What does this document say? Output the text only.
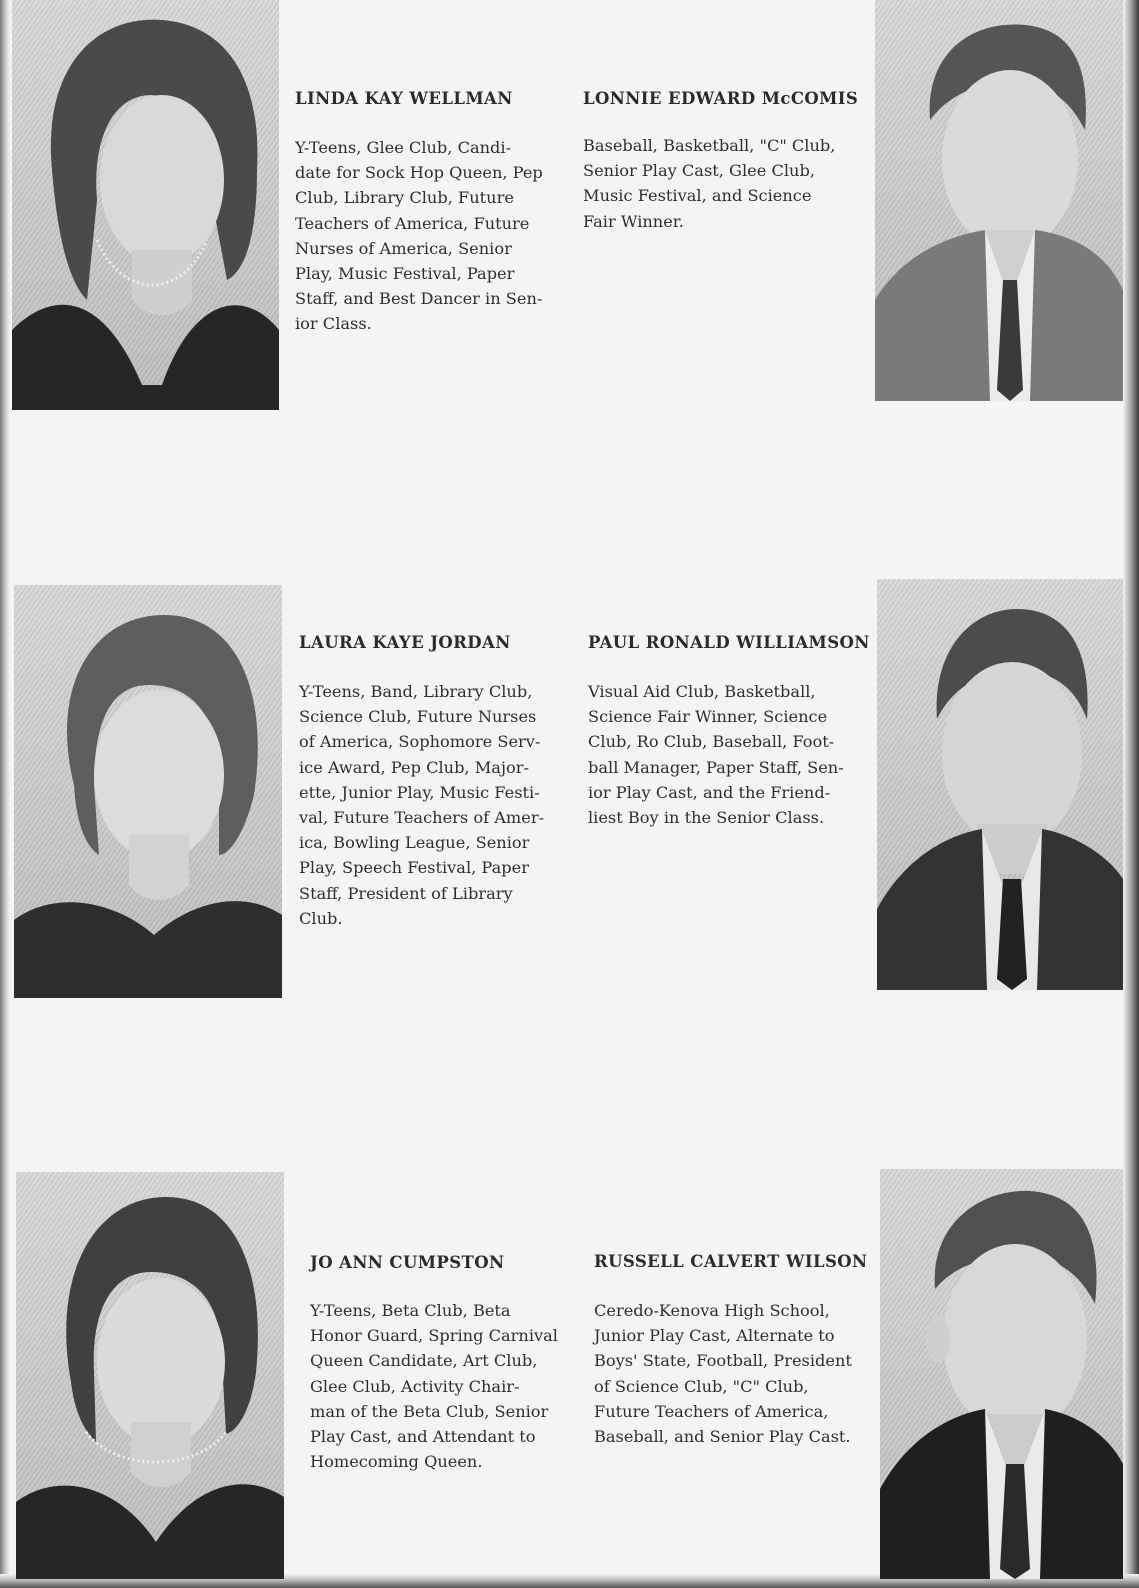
LINDA KAY WELLMAN

Y-Teens, Glee Club, Candi-
date for Sock Hop Queen, Pep
Club, Library Club, Future
Teachers of America, Future
Nurses of America, Senior
Play, Music Festival, Paper
Staff, and Best Dancer in Sen-
ior Class.

LONNIE EDWARD McCOMIS

Baseball, Basketball, "C" Club,
Senior Play Cast, Glee Club,
Music Festival, and Science
Fair Winner.

LAURA KAYE JORDAN

Y-Teens, Band, Library Club,
Science Club, Future Nurses
of America, Sophomore Serv-
ice Award, Pep Club, Major-
ette, Junior Play, Music Festi-
val, Future Teachers of Amer-
ica, Bowling League, Senior
Play, Speech Festival, Paper
Staff, President of Library
Club.

PAUL RONALD WILLIAMSON

Visual Aid Club, Basketball,
Science Fair Winner, Science
Club, Ro Club, Baseball, Foot-
ball Manager, Paper Staff, Sen-
ior Play Cast, and the Friend-
liest Boy in the Senior Class.

JO ANN CUMPSTON

Y-Teens, Beta Club, Beta
Honor Guard, Spring Carnival
Queen Candidate, Art Club,
Glee Club, Activity Chair-
man of the Beta Club, Senior
Play Cast, and Attendant to
Homecoming Queen.

RUSSELL CALVERT WILSON

Ceredo-Kenova High School,
Junior Play Cast, Alternate to
Boys' State, Football, President
of Science Club, "C" Club,
Future Teachers of America,
Baseball, and Senior Play Cast.
